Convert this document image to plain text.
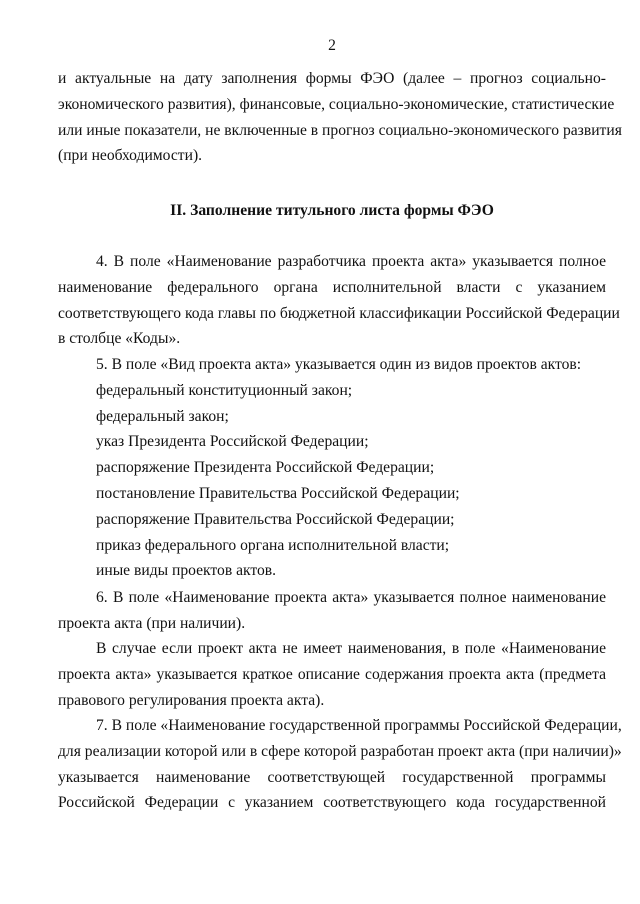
2
и актуальные на дату заполнения формы ФЭО (далее – прогноз социально-
экономического развития), финансовые, социально-экономические, статистические
или иные показатели, не включенные в прогноз социально-экономического развития
(при необходимости).
II. Заполнение титульного листа формы ФЭО
4. В поле «Наименование разработчика проекта акта» указывается полное
наименование федерального органа исполнительной власти с указанием
соответствующего кода главы по бюджетной классификации Российской Федерации
в столбце «Коды».
5. В поле «Вид проекта акта» указывается один из видов проектов актов:
федеральный конституционный закон;
федеральный закон;
указ Президента Российской Федерации;
распоряжение Президента Российской Федерации;
постановление Правительства Российской Федерации;
распоряжение Правительства Российской Федерации;
приказ федерального органа исполнительной власти;
иные виды проектов актов.
6. В поле «Наименование проекта акта» указывается полное наименование
проекта акта (при наличии).
В случае если проект акта не имеет наименования, в поле «Наименование
проекта акта» указывается краткое описание содержания проекта акта (предмета
правового регулирования проекта акта).
7. В поле «Наименование государственной программы Российской Федерации,
для реализации которой или в сфере которой разработан проект акта (при наличии)»
указывается наименование соответствующей государственной программы
Российской Федерации с указанием соответствующего кода государственной
